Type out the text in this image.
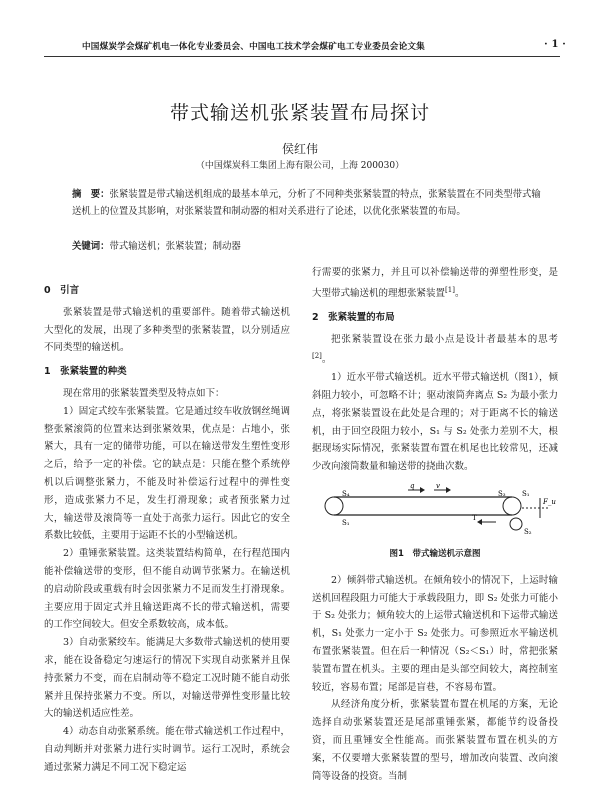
中国煤炭学会煤矿机电一体化专业委员会、中国电工技术学会煤矿电工专业委员会论文集	· 1 ·
带式输送机张紧装置布局探讨
侯红伟
（中国煤炭科工集团上海有限公司，上海 200030）
摘　要：张紧装置是带式输送机组成的最基本单元，分析了不同种类张紧装置的特点，张紧装置在不同类型带式输送机上的位置及其影响，对张紧装置和制动器的相对关系进行了论述，以优化张紧装置的布局。
关键词：带式输送机；张紧装置；制动器
0　引言

张紧装置是带式输送机的重要部件。随着带式输送机大型化的发展，出现了多种类型的张紧装置，以分别适应不同类型的输送机。

1　张紧装置的种类

现在常用的张紧装置类型及特点如下：

1）固定式绞车张紧装置。它是通过绞车收放钢丝绳调整张紧滚筒的位置来达到张紧效果，优点是：占地小，张紧大，具有一定的储带功能，可以在输送带发生塑性变形之后，给予一定的补偿。它的缺点是：只能在整个系统停机以后调整张紧力，不能及时补偿运行过程中的弹性变形，造成张紧力不足，发生打滑现象；或者预张紧力过大，输送带及滚筒等一直处于高张力运行。因此它的安全系数比较低，主要用于运距不长的小型输送机。

2）重锤张紧装置。这类装置结构简单，在行程范围内能补偿输送带的变形，但不能自动调节张紧力。在输送机的启动阶段或重载有时会因张紧力不足而发生打滑现象。主要应用于固定式并且输送距离不长的带式输送机，需要的工作空间较大。但安全系数较高，成本低。

3）自动张紧绞车。能满足大多数带式输送机的使用要求，能在设备稳定匀速运行的情况下实现自动张紧并且保持张紧力不变，而在启制动等不稳定工况时随不能自动张紧并且保持张紧力不变。所以，对输送带弹性变形量比较大的输送机适应性差。

4）动态自动张紧系统。能在带式输送机工作过程中，自动判断并对张紧力进行实时调节。运行工况时，系统会通过张紧力满足不同工况下稳定运

行需要的张紧力，并且可以补偿输送带的弹塑性形变，是大型带式输送机的理想张紧装置[1]。

2　张紧装置的布局

把张紧装置设在张力最小点是设计者最基本的思考[2]。

1）近水平带式输送机。近水平带式输送机（图1），倾斜阻力较小，可忽略不计；驱动滚筒奔离点 S₂ 为最小张力点，将张紧装置设在此处是合理的；对于距离不长的输送机，由于回空段阻力较小，S₁ 与 S₂ 处张力差别不大，根据现场实际情况，张紧装置布置在机尾也比较常见，还减少改向滚筒数量和输送带的挠曲次数。

S₄
S₁
q	v
T
S₃ S₁
S₂
F_u
图1　带式输送机示意图

2）倾斜带式输送机。在倾角较小的情况下，上运时输送机回程段阻力可能大于承载段阻力，即 S₂ 处张力可能小于 S₂ 处张力；倾角较大的上运带式输送机和下运带式输送机，S₁ 处张力一定小于 S₂ 处张力。可参照近水平输送机布置张紧装置。但在后一种情况（S₂＜S₁）时，常把张紧装置布置在机头。主要的理由是头部空间较大，离控制室较近，容易布置；尾部是盲巷，不容易布置。

从经济角度分析，张紧装置布置在机尾的方案，无论选择自动张紧装置还是尾部重锤张紧，都能节约设备投资，而且重锤安全性能高。而张紧装置布置在机头的方案，不仅要增大张紧装置的型号，增加改向装置、改向滚筒等设备的投资。当制
